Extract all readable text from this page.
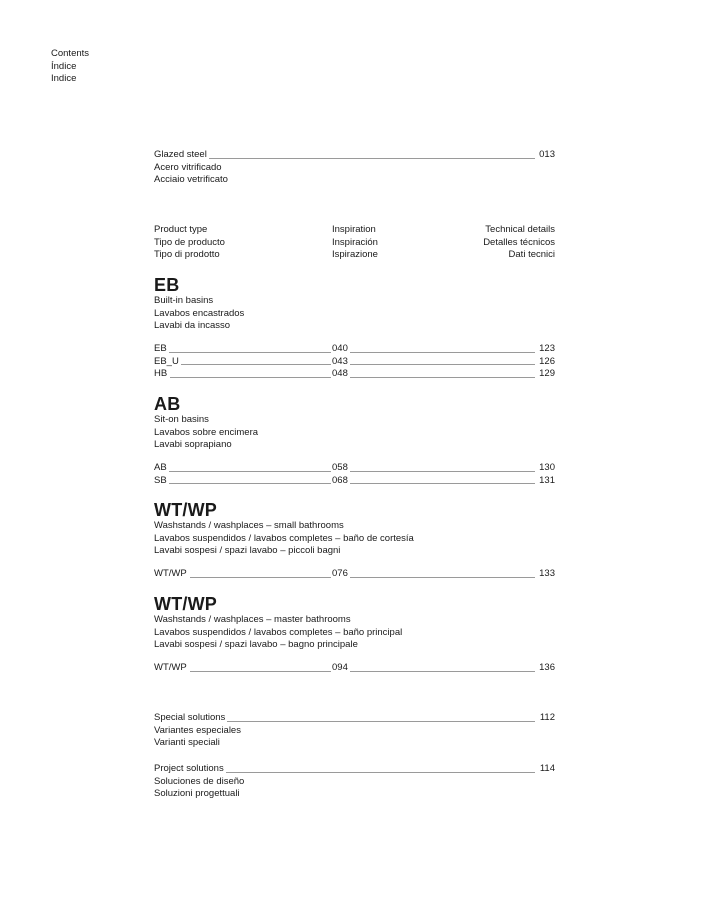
Contents
Índice
Indice
Glazed steel	013
Acero vitrificado
Acciaio vetrificato
Product type
Tipo de producto
Tipo di prodotto
Inspiration
Inspiración
Ispirazione
Technical details
Detalles técnicos
Dati tecnici
EB
Built-in basins
Lavabos encastrados
Lavabi da incasso
EB	040	123
EB_U	043	126
HB	048	129
AB
Sit-on basins
Lavabos sobre encimera
Lavabi soprapiano
AB	058	130
SB	068	131
WT/WP
Washstands / washplaces – small bathrooms
Lavabos suspendidos / lavabos completes – baño de cortesía
Lavabi sospesi / spazi lavabo – piccoli bagni
WT/WP	076	133
WT/WP
Washstands / washplaces – master bathrooms
Lavabos suspendidos / lavabos completes – baño principal
Lavabi sospesi / spazi lavabo – bagno principale
WT/WP	094	136
Special solutions	112
Variantes especiales
Varianti speciali
Project solutions	114
Soluciones de diseño
Soluzioni progettuali
